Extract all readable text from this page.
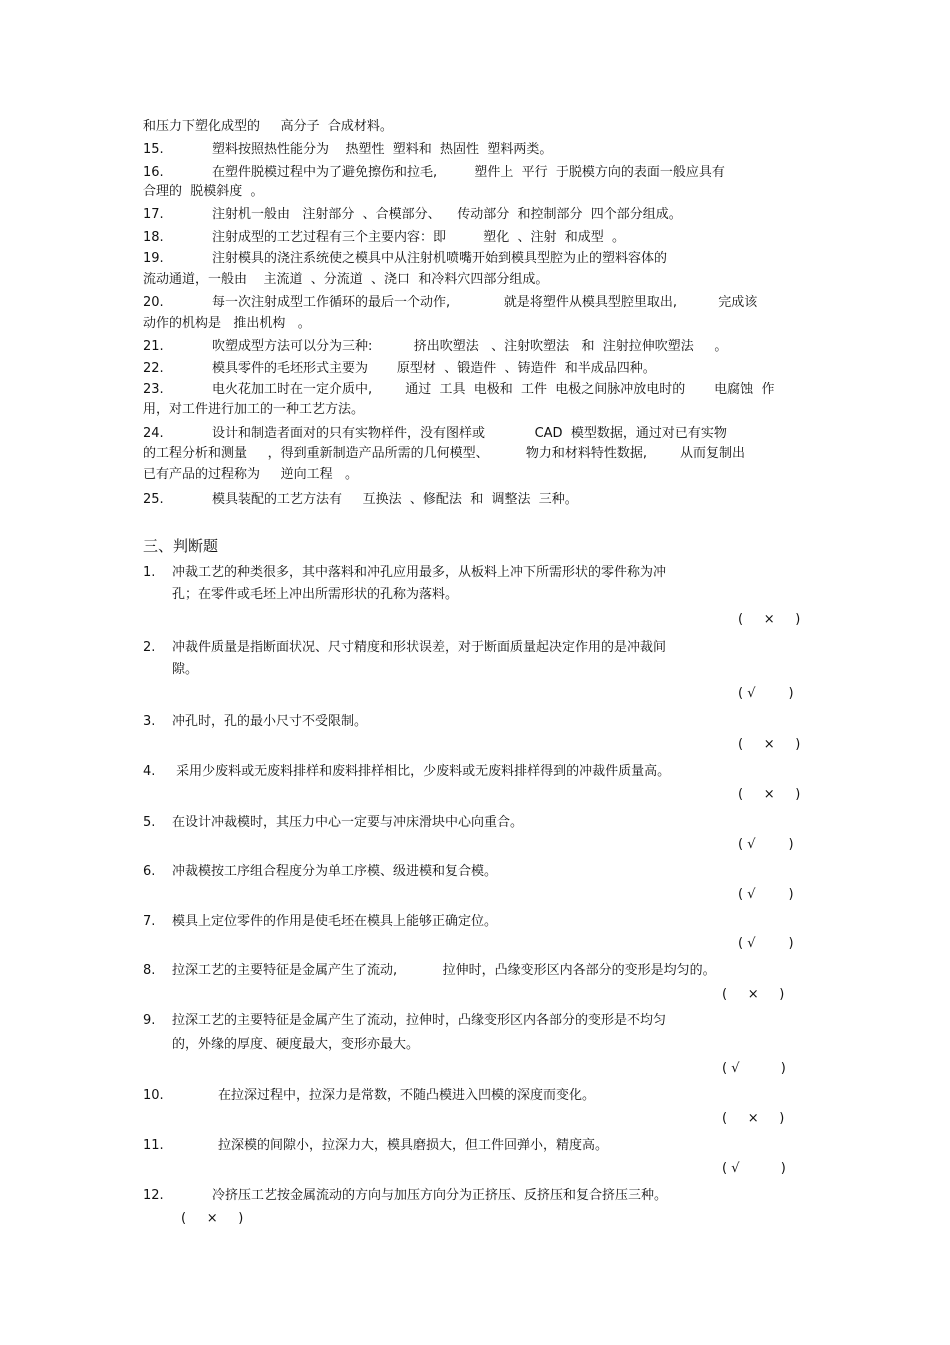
和压力下塑化成型的     高分子  合成材料。
15.	塑料按照热性能分为    热塑性  塑料和  热固性  塑料两类。
16.	在塑件脱模过程中为了避免擦伤和拉毛,         塑件上  平行  于脱模方向的表面一般应具有
合理的  脱模斜度  。
17.	注射机一般由   注射部分  、合模部分、    传动部分  和控制部分  四个部分组成。
18.	注射成型的工艺过程有三个主要内容：即         塑化  、注射  和成型  。
19.	注射模具的浇注系统使之模具中从注射机喷嘴开始到模具型腔为止的塑料容体的
流动通道，一般由    主流道  、分流道  、浇口  和冷料穴四部分组成。
20.	每一次注射成型工作循环的最后一个动作,             就是将塑件从模具型腔里取出,          完成该
动作的机构是   推出机构   。
21.	吹塑成型方法可以分为三种:          挤出吹塑法   、注射吹塑法   和  注射拉伸吹塑法     。
22.	模具零件的毛坯形式主要为       原型材  、锻造件  、铸造件  和半成品四种。
23.	电火花加工时在一定介质中,        通过  工具  电极和  工件  电极之间脉冲放电时的       电腐蚀  作
用，对工件进行加工的一种工艺方法。
24.	设计和制造者面对的只有实物样件，没有图样或            CAD  模型数据，通过对已有实物
的工程分析和测量     ，得到重新制造产品所需的几何模型、         物力和材料特性数据,        从而复制出
已有产品的过程称为     逆向工程   。
25.	模具装配的工艺方法有     互换法  、修配法  和  调整法  三种。
三、判断题
1. 冲裁工艺的种类很多，其中落料和冲孔应用最多，从板料上冲下所需形状的零件称为冲
孔；在零件或毛坯上冲出所需形状的孔称为落料。
(     ×     )
2. 冲裁件质量是指断面状况、尺寸精度和形状误差，对于断面质量起决定作用的是冲裁间
隙。
( √        )
3. 冲孔时，孔的最小尺寸不受限制。
(     ×     )
4. 采用少废料或无废料排样和废料排样相比，少废料或无废料排样得到的冲裁件质量高。
(     ×     )
5. 在设计冲裁模时，其压力中心一定要与冲床滑块中心向重合。
( √        )
6. 冲裁模按工序组合程度分为单工序模、级进模和复合模。
( √        )
7. 模具上定位零件的作用是使毛坯在模具上能够正确定位。
( √        )
8. 拉深工艺的主要特征是金属产生了流动,           拉伸时，凸缘变形区内各部分的变形是均匀的。
(     ×     )
9. 拉深工艺的主要特征是金属产生了流动，拉伸时，凸缘变形区内各部分的变形是不均匀
的，外缘的厚度、硬度最大，变形亦最大。
( √          )
10.	在拉深过程中，拉深力是常数，不随凸模进入凹模的深度而变化。
(     ×     )
11.	拉深模的间隙小，拉深力大，模具磨损大，但工件回弹小，精度高。
( √          )
12.	冷挤压工艺按金属流动的方向与加压方向分为正挤压、反挤压和复合挤压三种。
(     ×     )
